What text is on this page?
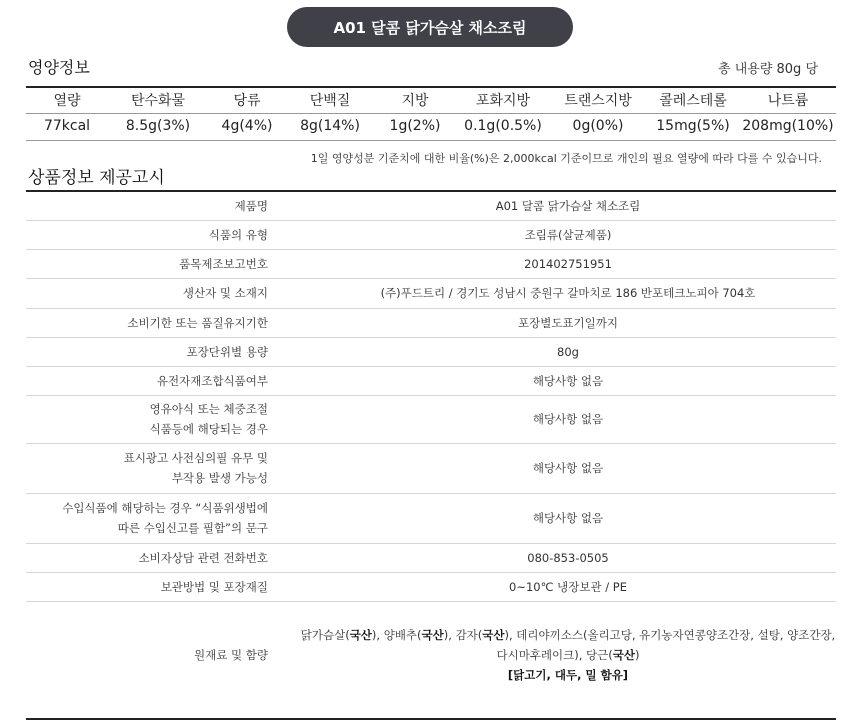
A01 달콤 닭가슴살 채소조림
영양정보	총 내용량 80g 당
열량	탄수화물	당류	단백질	지방	포화지방	트랜스지방	콜레스테롤	나트륨
77kcal	8.5g(3%)	4g(4%)	8g(14%)	1g(2%)	0.1g(0.5%)	0g(0%)	15mg(5%)	208mg(10%)
1일 영양성분 기준치에 대한 비율(%)은 2,000kcal 기준이므로 개인의 필요 열량에 따라 다를 수 있습니다.
상품정보 제공고시
제품명	A01 달콤 닭가슴살 채소조림
식품의 유형	조림류(살균제품)
품목제조보고번호	201402751951
생산자 및 소재지	(주)푸드트리 / 경기도 성남시 중원구 갈마치로 186 반포테크노피아 704호
소비기한 또는 품질유지기한	포장별도표기일까지
포장단위별 용량	80g
유전자재조합식품여부	해당사항 없음
영유아식 또는 체중조절
식품등에 해당되는 경우	해당사항 없음
표시광고 사전심의필 유무 및
부작용 발생 가능성	해당사항 없음
수입식품에 해당하는 경우 “식품위생법에
따른 수입신고를 필함”의 문구	해당사항 없음
소비자상담 관련 전화번호	080-853-0505
보관방법 및 포장재질	0~10℃ 냉장보관 / PE
원재료 및 함량	닭가슴살(국산), 양배추(국산), 감자(국산), 데리야끼소스(올리고당, 유기농자연콩양조간장, 설탕, 양조간장,
다시마후레이크), 당근(국산)
[닭고기, 대두, 밀 함유]
